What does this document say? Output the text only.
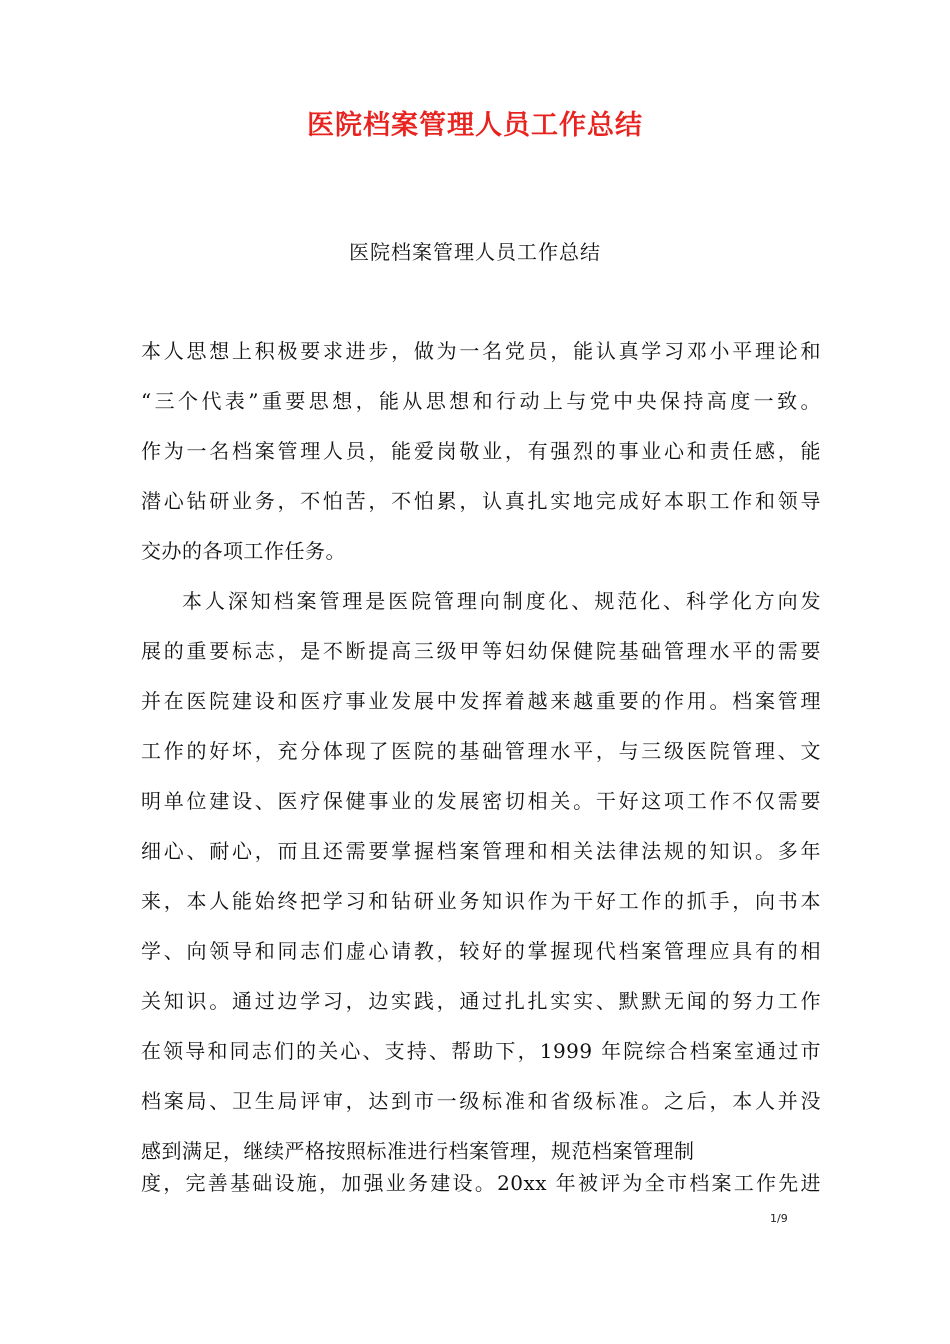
医院档案管理人员工作总结
医院档案管理人员工作总结
本人思想上积极要求进步，做为一名党员，能认真学习邓小平理论和
“三个代表”重要思想，能从思想和行动上与党中央保持高度一致。
作为一名档案管理人员，能爱岗敬业，有强烈的事业心和责任感，能
潜心钻研业务，不怕苦，不怕累，认真扎实地完成好本职工作和领导
交办的各项工作任务。
本人深知档案管理是医院管理向制度化、规范化、科学化方向发
展的重要标志，是不断提高三级甲等妇幼保健院基础管理水平的需要
并在医院建设和医疗事业发展中发挥着越来越重要的作用。档案管理
工作的好坏，充分体现了医院的基础管理水平，与三级医院管理、文
明单位建设、医疗保健事业的发展密切相关。干好这项工作不仅需要
细心、耐心，而且还需要掌握档案管理和相关法律法规的知识。多年
来，本人能始终把学习和钻研业务知识作为干好工作的抓手，向书本
学、向领导和同志们虚心请教，较好的掌握现代档案管理应具有的相
关知识。通过边学习，边实践，通过扎扎实实、默默无闻的努力工作
在领导和同志们的关心、支持、帮助下，1999 年院综合档案室通过市
档案局、卫生局评审，达到市一级标准和省级标准。之后，本人并没
感到满足，继续严格按照标准进行档案管理，规范档案管理制
度，完善基础设施，加强业务建设。20xx 年被评为全市档案工作先进
1/9
